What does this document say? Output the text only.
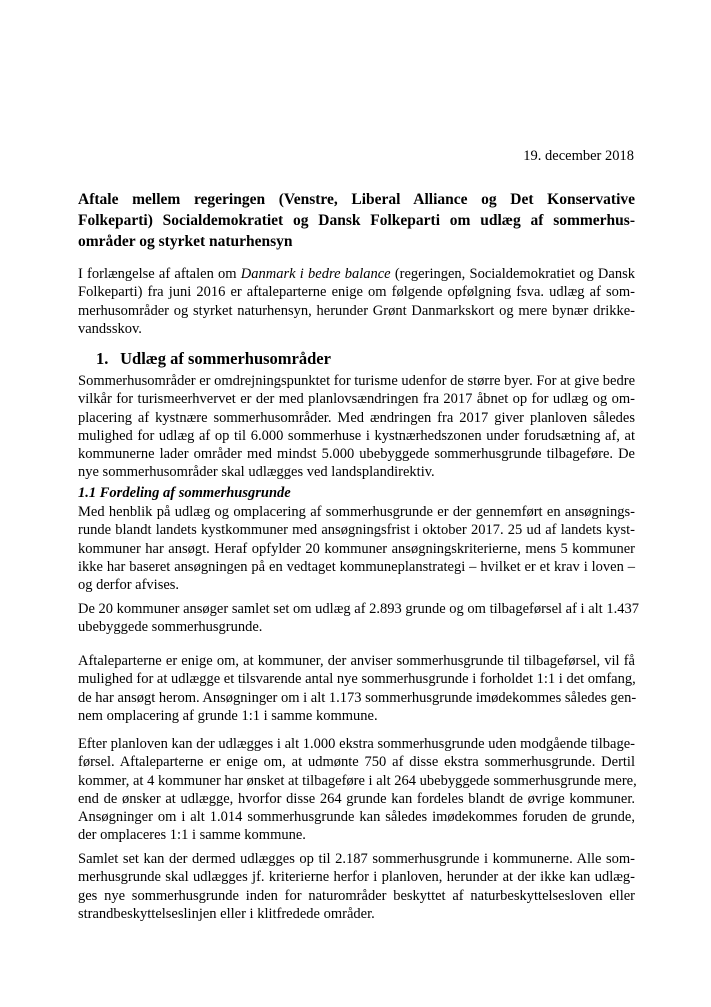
19. december 2018
Aftale mellem regeringen (Venstre, Liberal Alliance og Det Konservative Folkeparti) Socialdemokratiet og Dansk Folkeparti om udlæg af sommerhus-områder og styrket naturhensyn
I forlængelse af aftalen om Danmark i bedre balance (regeringen, Socialdemokratiet og Dansk
Folkeparti) fra juni 2016 er aftaleparterne enige om følgende opfølgning fsva. udlæg af som-
merhusområder og styrket naturhensyn, herunder Grønt Danmarkskort og mere bynær drikke-
vandsskov.
1. Udlæg af sommerhusområder
Sommerhusområder er omdrejningspunktet for turisme udenfor de større byer. For at give bedre
vilkår for turismeerhvervet er der med planlovsændringen fra 2017 åbnet op for udlæg og om-
placering af kystnære sommerhusområder. Med ændringen fra 2017 giver planloven således
mulighed for udlæg af op til 6.000 sommerhuse i kystnærhedszonen under forudsætning af, at
kommunerne lader områder med mindst 5.000 ubebyggede sommerhusgrunde tilbageføre. De
nye sommerhusområder skal udlægges ved landsplandirektiv.
1.1 Fordeling af sommerhusgrunde
Med henblik på udlæg og omplacering af sommerhusgrunde er der gennemført en ansøgnings-
runde blandt landets kystkommuner med ansøgningsfrist i oktober 2017. 25 ud af landets kyst-
kommuner har ansøgt. Heraf opfylder 20 kommuner ansøgningskriterierne, mens 5 kommuner
ikke har baseret ansøgningen på en vedtaget kommuneplanstrategi – hvilket er et krav i loven –
og derfor afvises.
De 20 kommuner ansøger samlet set om udlæg af 2.893 grunde og om tilbageførsel af i alt 1.437
ubebyggede sommerhusgrunde.
Aftaleparterne er enige om, at kommuner, der anviser sommerhusgrunde til tilbageførsel, vil få
mulighed for at udlægge et tilsvarende antal nye sommerhusgrunde i forholdet 1:1 i det omfang,
de har ansøgt herom. Ansøgninger om i alt 1.173 sommerhusgrunde imødekommes således gen-
nem omplacering af grunde 1:1 i samme kommune.
Efter planloven kan der udlægges i alt 1.000 ekstra sommerhusgrunde uden modgående tilbage-
førsel. Aftaleparterne er enige om, at udmønte 750 af disse ekstra sommerhusgrunde. Dertil
kommer, at 4 kommuner har ønsket at tilbageføre i alt 264 ubebyggede sommerhusgrunde mere,
end de ønsker at udlægge, hvorfor disse 264 grunde kan fordeles blandt de øvrige kommuner.
Ansøgninger om i alt 1.014 sommerhusgrunde kan således imødekommes foruden de grunde,
der omplaceres 1:1 i samme kommune.
Samlet set kan der dermed udlægges op til 2.187 sommerhusgrunde i kommunerne. Alle som-
merhusgrunde skal udlægges jf. kriterierne herfor i planloven, herunder at der ikke kan udlæg-
ges nye sommerhusgrunde inden for naturområder beskyttet af naturbeskyttelsesloven eller
strandbeskyttelseslinjen eller i klitfredede områder.
